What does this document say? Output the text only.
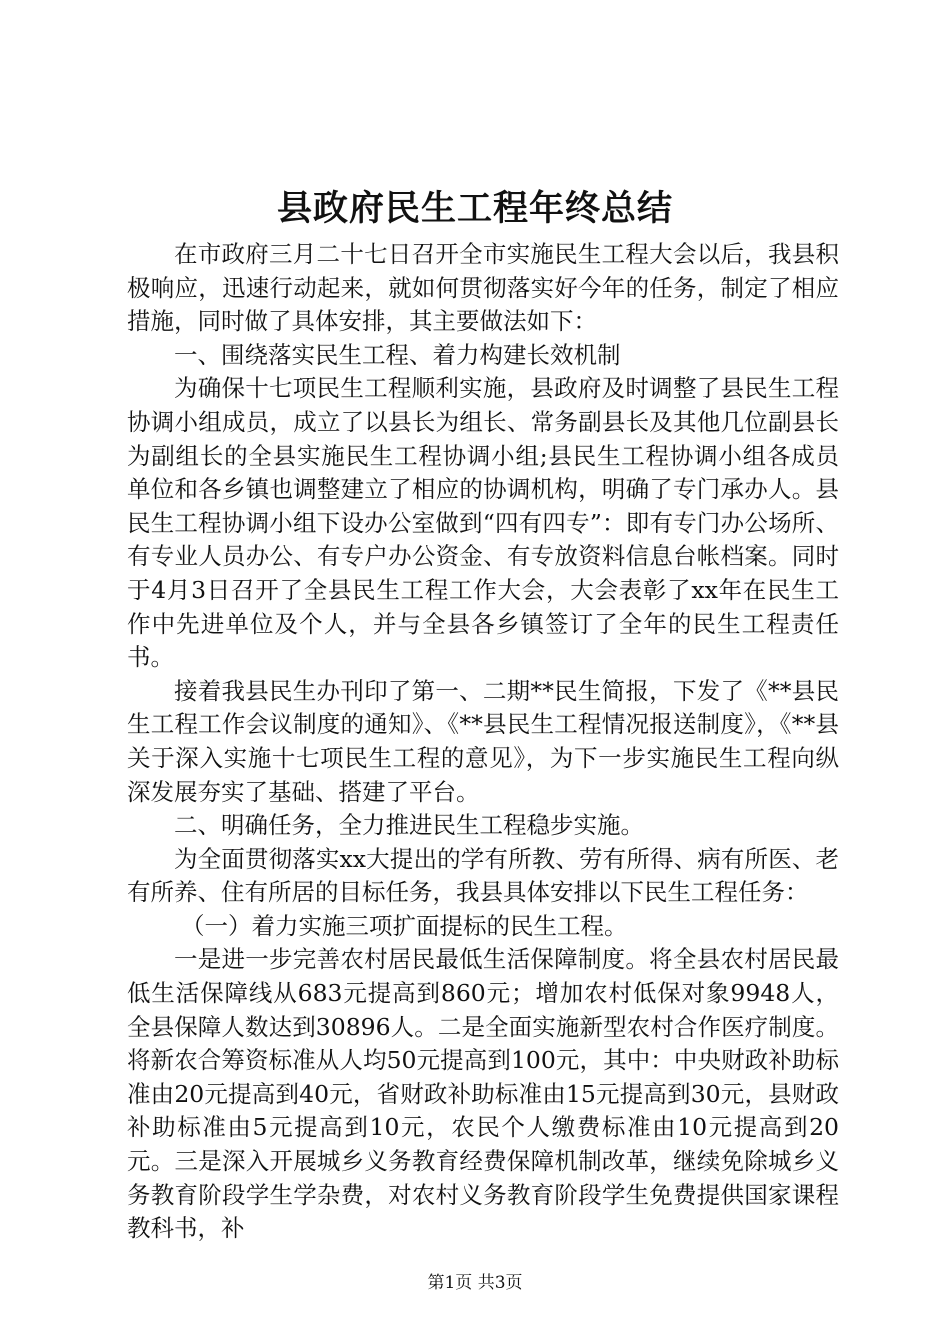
县政府民生工程年终总结

在市政府三月二十七日召开全市实施民生工程大会以后，我县积极响应，迅速行动起来，就如何贯彻落实好今年的任务，制定了相应措施，同时做了具体安排，其主要做法如下：

一、围绕落实民生工程、着力构建长效机制

为确保十七项民生工程顺利实施，县政府及时调整了县民生工程协调小组成员，成立了以县长为组长、常务副县长及其他几位副县长为副组长的全县实施民生工程协调小组;县民生工程协调小组各成员单位和各乡镇也调整建立了相应的协调机构，明确了专门承办人。县民生工程协调小组下设办公室做到“四有四专”：即有专门办公场所、有专业人员办公、有专户办公资金、有专放资料信息台帐档案。同时于4月3日召开了全县民生工程工作大会，大会表彰了xx年在民生工作中先进单位及个人，并与全县各乡镇签订了全年的民生工程责任书。

接着我县民生办刊印了第一、二期**民生简报，下发了《**县民生工程工作会议制度的通知》、《**县民生工程情况报送制度》，《**县关于深入实施十七项民生工程的意见》，为下一步实施民生工程向纵深发展夯实了基础、搭建了平台。

二、明确任务，全力推进民生工程稳步实施。

为全面贯彻落实xx大提出的学有所教、劳有所得、病有所医、老有所养、住有所居的目标任务，我县具体安排以下民生工程任务：

（一）着力实施三项扩面提标的民生工程。

一是进一步完善农村居民最低生活保障制度。将全县农村居民最低生活保障线从683元提高到860元；增加农村低保对象9948人，全县保障人数达到30896人。二是全面实施新型农村合作医疗制度。将新农合筹资标准从人均50元提高到100元，其中：中央财政补助标准由20元提高到40元，省财政补助标准由15元提高到30元，县财政补助标准由5元提高到10元，农民个人缴费标准由10元提高到20元。三是深入开展城乡义务教育经费保障机制改革，继续免除城乡义务教育阶段学生学杂费，对农村义务教育阶段学生免费提供国家课程教科书，补

第1页 共3页
